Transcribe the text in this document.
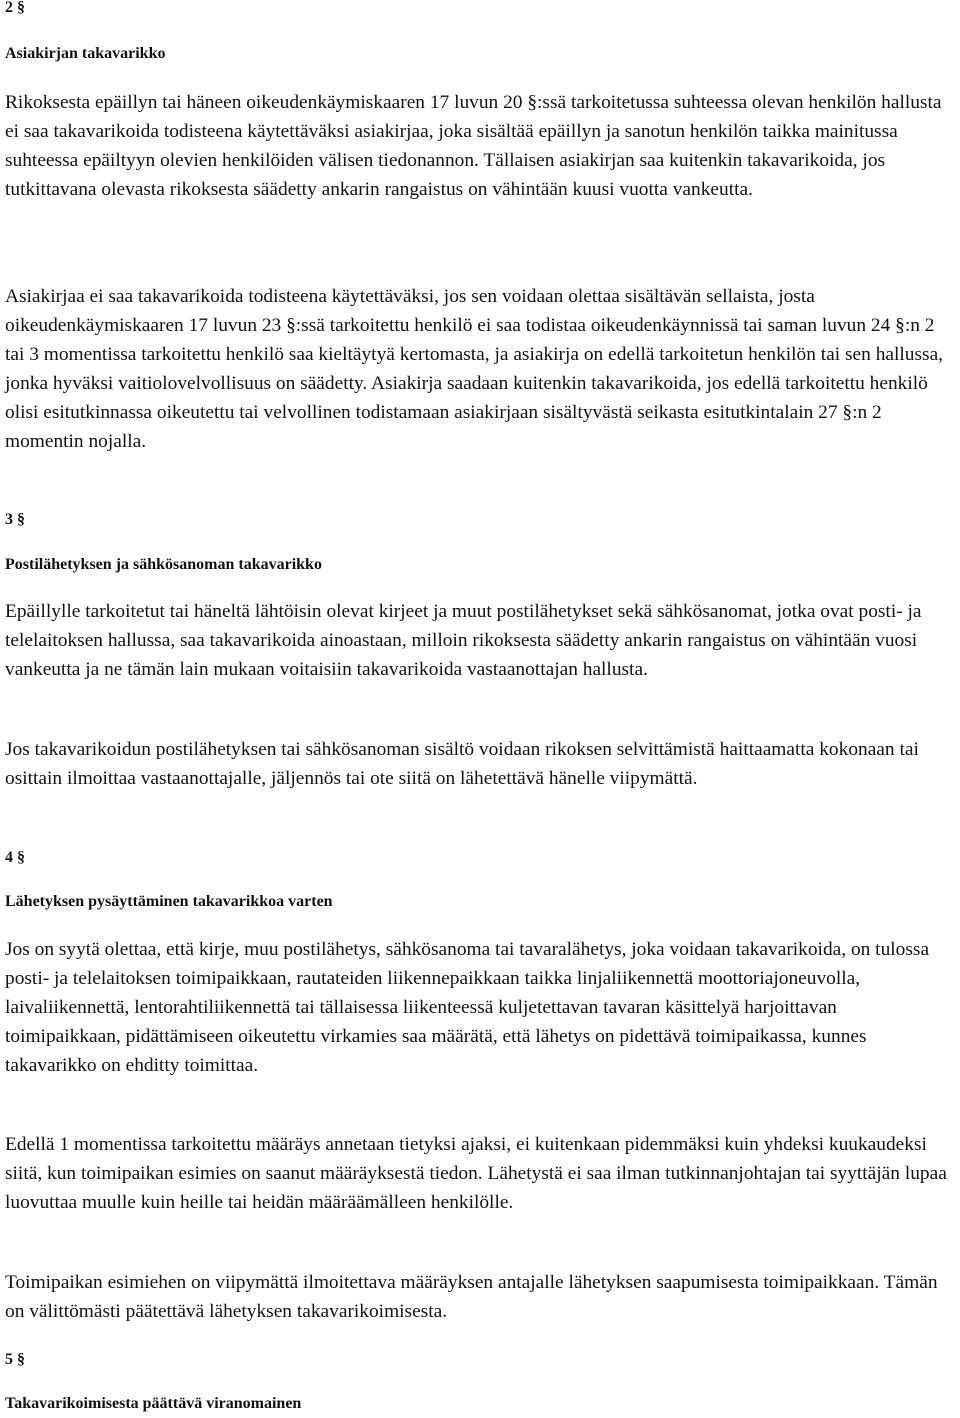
2 §
Asiakirjan takavarikko

Rikoksesta epäillyn tai häneen oikeudenkäymiskaaren 17 luvun 20 §:ssä tarkoitetussa suhteessa olevan henkilön hallusta ei saa takavarikoida todisteena käytettäväksi asiakirjaa, joka sisältää epäillyn ja sanotun henkilön taikka mainitussa suhteessa epäiltyyn olevien henkilöiden välisen tiedonannon. Tällaisen asiakirjan saa kuitenkin takavarikoida, jos tutkittavana olevasta rikoksesta säädetty ankarin rangaistus on vähintään kuusi vuotta vankeutta.

Asiakirjaa ei saa takavarikoida todisteena käytettäväksi, jos sen voidaan olettaa sisältävän sellaista, josta oikeudenkäymiskaaren 17 luvun 23 §:ssä tarkoitettu henkilö ei saa todistaa oikeudenkäynnissä tai saman luvun 24 §:n 2 tai 3 momentissa tarkoitettu henkilö saa kieltäytyä kertomasta, ja asiakirja on edellä tarkoitetun henkilön tai sen hallussa, jonka hyväksi vaitiolovelvollisuus on säädetty. Asiakirja saadaan kuitenkin takavarikoida, jos edellä tarkoitettu henkilö olisi esitutkinnassa oikeutettu tai velvollinen todistamaan asiakirjaan sisältyvästä seikasta esitutkintalain 27 §:n 2 momentin nojalla.

3 §
Postilähetyksen ja sähkösanoman takavarikko

Epäillylle tarkoitetut tai häneltä lähtöisin olevat kirjeet ja muut postilähetykset sekä sähkösanomat, jotka ovat posti- ja telelaitoksen hallussa, saa takavarikoida ainoastaan, milloin rikoksesta säädetty ankarin rangaistus on vähintään vuosi vankeutta ja ne tämän lain mukaan voitaisiin takavarikoida vastaanottajan hallusta.

Jos takavarikoidun postilähetyksen tai sähkösanoman sisältö voidaan rikoksen selvittämistä haittaamatta kokonaan tai osittain ilmoittaa vastaanottajalle, jäljennös tai ote siitä on lähetettävä hänelle viipymättä.

4 §
Lähetyksen pysäyttäminen takavarikkoa varten

Jos on syytä olettaa, että kirje, muu postilähetys, sähkösanoma tai tavaralähetys, joka voidaan takavarikoida, on tulossa posti- ja telelaitoksen toimipaikkaan, rautateiden liikennepaikkaan taikka linjaliikennettä moottoriajoneuvolla, laivaliikennettä, lentorahtiliikennettä tai tällaisessa liikenteessä kuljetettavan tavaran käsittelyä harjoittavan toimipaikkaan, pidättämiseen oikeutettu virkamies saa määrätä, että lähetys on pidettävä toimipaikassa, kunnes takavarikko on ehditty toimittaa.

Edellä 1 momentissa tarkoitettu määräys annetaan tietyksi ajaksi, ei kuitenkaan pidemmäksi kuin yhdeksi kuukaudeksi siitä, kun toimipaikan esimies on saanut määräyksestä tiedon. Lähetystä ei saa ilman tutkinnanjohtajan tai syyttäjän lupaa luovuttaa muulle kuin heille tai heidän määräämälleen henkilölle.

Toimipaikan esimiehen on viipymättä ilmoitettava määräyksen antajalle lähetyksen saapumisesta toimipaikkaan. Tämän on välittömästi päätettävä lähetyksen takavarikoimisesta.

5 §
Takavarikoimisesta päättävä viranomainen
